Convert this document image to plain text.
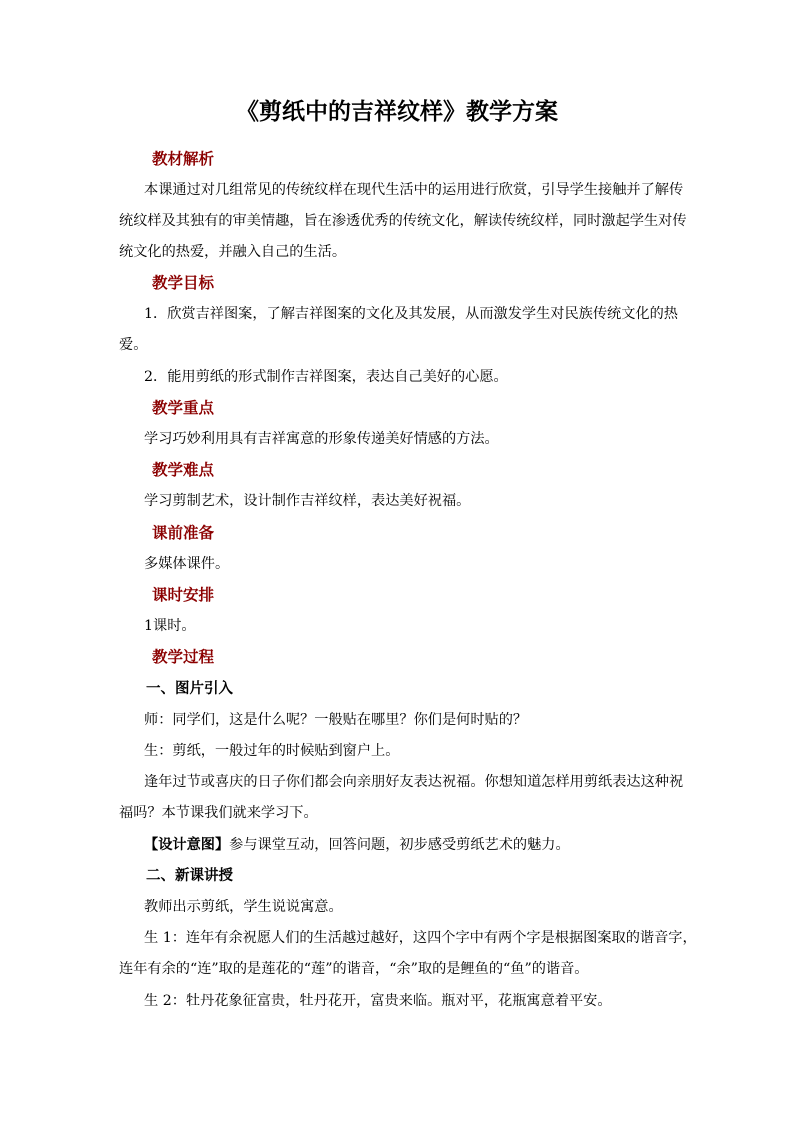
《剪纸中的吉祥纹样》教学方案
教材解析
本课通过对几组常见的传统纹样在现代生活中的运用进行欣赏，引导学生接触并了解传
统纹样及其独有的审美情趣，旨在渗透优秀的传统文化，解读传统纹样，同时激起学生对传
统文化的热爱，并融入自己的生活。
教学目标
1．欣赏吉祥图案，了解吉祥图案的文化及其发展，从而激发学生对民族传统文化的热
爱。
2．能用剪纸的形式制作吉祥图案，表达自己美好的心愿。
教学重点
学习巧妙利用具有吉祥寓意的形象传递美好情感的方法。
教学难点
学习剪制艺术，设计制作吉祥纹样，表达美好祝福。
课前准备
多媒体课件。
课时安排
1课时。
教学过程
一、图片引入
师：同学们，这是什么呢？一般贴在哪里？你们是何时贴的？
生：剪纸，一般过年的时候贴到窗户上。
逢年过节或喜庆的日子你们都会向亲朋好友表达祝福。你想知道怎样用剪纸表达这种祝
福吗？本节课我们就来学习下。
【设计意图】参与课堂互动，回答问题，初步感受剪纸艺术的魅力。
二、新课讲授
教师出示剪纸，学生说说寓意。
生 1：连年有余祝愿人们的生活越过越好，这四个字中有两个字是根据图案取的谐音字，
连年有余的“连”取的是莲花的“莲”的谐音，“余”取的是鲤鱼的“鱼”的谐音。
生 2：牡丹花象征富贵，牡丹花开，富贵来临。瓶对平，花瓶寓意着平安。
